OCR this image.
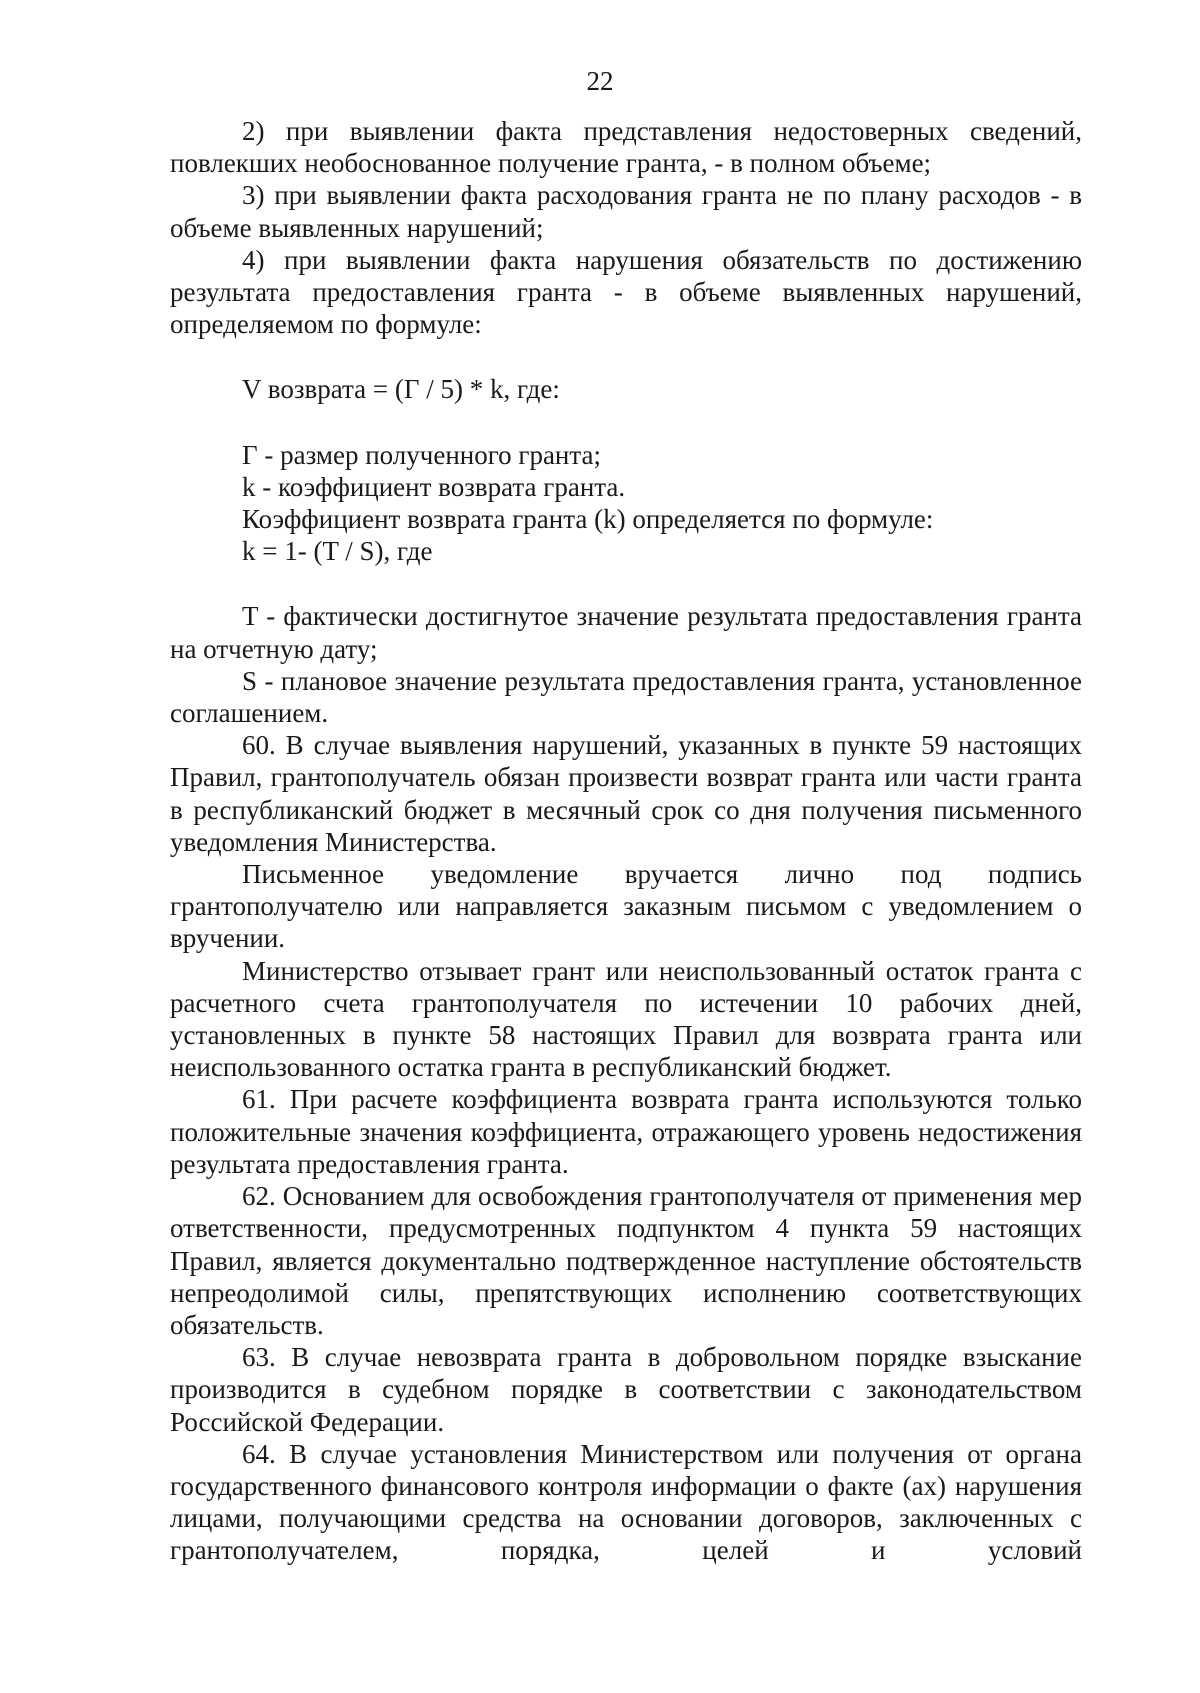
22

2) при выявлении факта представления недостоверных сведений, повлекших необоснованное получение гранта, - в полном объеме;

3) при выявлении факта расходования гранта не по плану расходов - в объеме выявленных нарушений;

4) при выявлении факта нарушения обязательств по достижению результата предоставления гранта - в объеме выявленных нарушений, определяемом по формуле:

V возврата = (Г / 5) * k, где:

Г - размер полученного гранта;

k - коэффициент возврата гранта.

Коэффициент возврата гранта (k) определяется по формуле:

k = 1- (T / S), где

T - фактически достигнутое значение результата предоставления гранта на отчетную дату;

S - плановое значение результата предоставления гранта, установленное соглашением.

60. В случае выявления нарушений, указанных в пункте 59 настоящих Правил, грантополучатель обязан произвести возврат гранта или части гранта в республиканский бюджет в месячный срок со дня получения письменного уведомления Министерства.

Письменное уведомление вручается лично под подпись грантополучателю или направляется заказным письмом с уведомлением о вручении.

Министерство отзывает грант или неиспользованный остаток гранта с расчетного счета грантополучателя по истечении 10 рабочих дней, установленных в пункте 58 настоящих Правил для возврата гранта или неиспользованного остатка гранта в республиканский бюджет.

61. При расчете коэффициента возврата гранта используются только положительные значения коэффициента, отражающего уровень недостижения результата предоставления гранта.

62. Основанием для освобождения грантополучателя от применения мер ответственности, предусмотренных подпунктом 4 пункта 59 настоящих Правил, является документально подтвержденное наступление обстоятельств непреодолимой силы, препятствующих исполнению соответствующих обязательств.

63. В случае невозврата гранта в добровольном порядке взыскание производится в судебном порядке в соответствии с законодательством Российской Федерации.

64. В случае установления Министерством или получения от органа государственного финансового контроля информации о факте (ах) нарушения лицами, получающими средства на основании договоров, заключенных с грантополучателем, порядка, целей и условий
